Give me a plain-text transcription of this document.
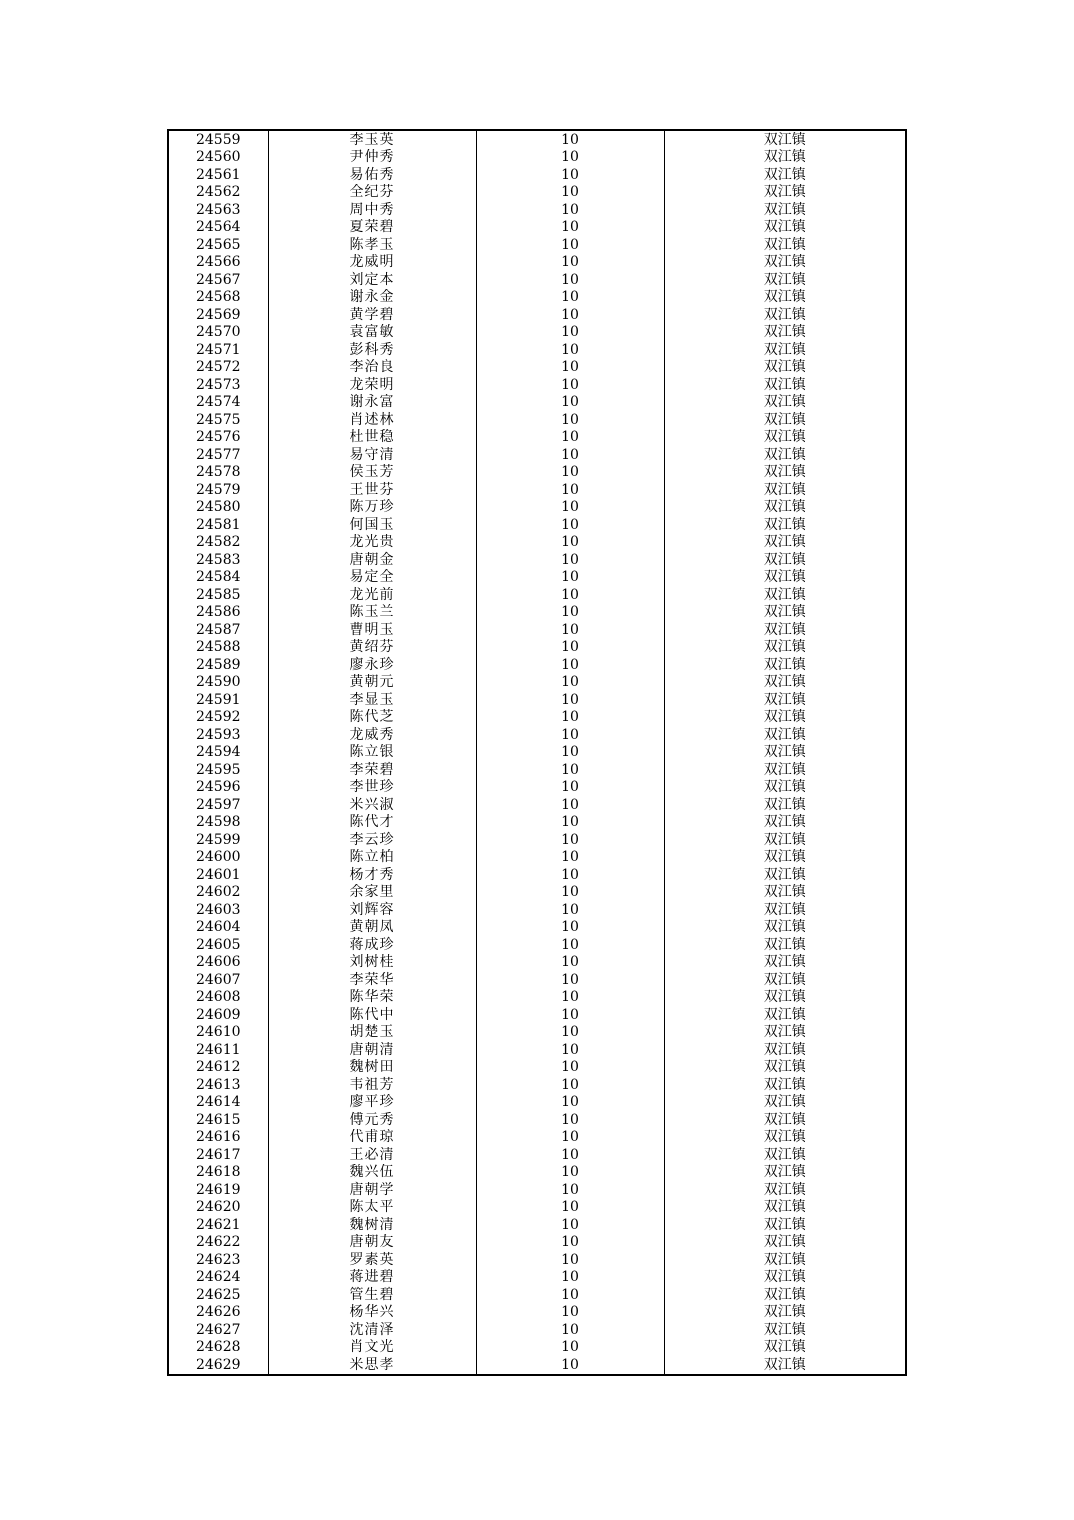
24559	李玉英	10	双江镇
24560	尹仲秀	10	双江镇
24561	易佑秀	10	双江镇
24562	全纪芬	10	双江镇
24563	周中秀	10	双江镇
24564	夏荣碧	10	双江镇
24565	陈孝玉	10	双江镇
24566	龙威明	10	双江镇
24567	刘定本	10	双江镇
24568	谢永金	10	双江镇
24569	黄学碧	10	双江镇
24570	袁富敏	10	双江镇
24571	彭科秀	10	双江镇
24572	李治良	10	双江镇
24573	龙荣明	10	双江镇
24574	谢永富	10	双江镇
24575	肖述林	10	双江镇
24576	杜世稳	10	双江镇
24577	易守清	10	双江镇
24578	侯玉芳	10	双江镇
24579	王世芬	10	双江镇
24580	陈万珍	10	双江镇
24581	何国玉	10	双江镇
24582	龙光贵	10	双江镇
24583	唐朝金	10	双江镇
24584	易定全	10	双江镇
24585	龙光前	10	双江镇
24586	陈玉兰	10	双江镇
24587	曹明玉	10	双江镇
24588	黄绍芬	10	双江镇
24589	廖永珍	10	双江镇
24590	黄朝元	10	双江镇
24591	李显玉	10	双江镇
24592	陈代芝	10	双江镇
24593	龙威秀	10	双江镇
24594	陈立银	10	双江镇
24595	李荣碧	10	双江镇
24596	李世珍	10	双江镇
24597	米兴淑	10	双江镇
24598	陈代才	10	双江镇
24599	李云珍	10	双江镇
24600	陈立柏	10	双江镇
24601	杨才秀	10	双江镇
24602	余家里	10	双江镇
24603	刘辉容	10	双江镇
24604	黄朝凤	10	双江镇
24605	蒋成珍	10	双江镇
24606	刘树桂	10	双江镇
24607	李荣华	10	双江镇
24608	陈华荣	10	双江镇
24609	陈代中	10	双江镇
24610	胡楚玉	10	双江镇
24611	唐朝清	10	双江镇
24612	魏树田	10	双江镇
24613	韦祖芳	10	双江镇
24614	廖平珍	10	双江镇
24615	傅元秀	10	双江镇
24616	代甫琼	10	双江镇
24617	王必清	10	双江镇
24618	魏兴伍	10	双江镇
24619	唐朝学	10	双江镇
24620	陈太平	10	双江镇
24621	魏树清	10	双江镇
24622	唐朝友	10	双江镇
24623	罗素英	10	双江镇
24624	蒋进碧	10	双江镇
24625	管生碧	10	双江镇
24626	杨华兴	10	双江镇
24627	沈清泽	10	双江镇
24628	肖文光	10	双江镇
24629	米思孝	10	双江镇
